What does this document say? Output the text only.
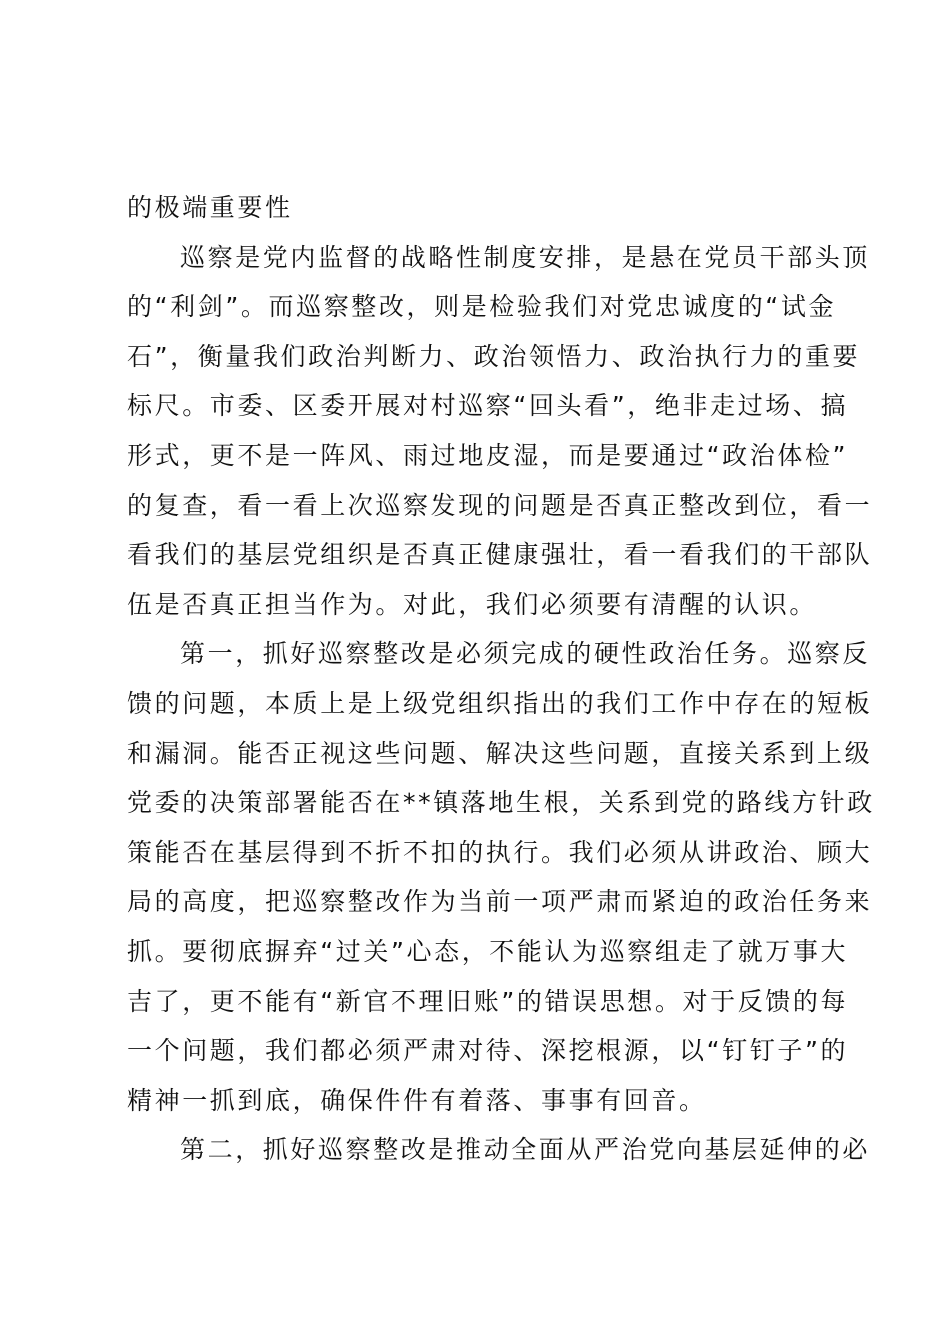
的极端重要性
巡察是党内监督的战略性制度安排，是悬在党员干部头顶
的“利剑”。而巡察整改，则是检验我们对党忠诚度的“试金
石”，衡量我们政治判断力、政治领悟力、政治执行力的重要
标尺。市委、区委开展对村巡察“回头看”，绝非走过场、搞
形式，更不是一阵风、雨过地皮湿，而是要通过“政治体检”
的复查，看一看上次巡察发现的问题是否真正整改到位，看一
看我们的基层党组织是否真正健康强壮，看一看我们的干部队
伍是否真正担当作为。对此，我们必须要有清醒的认识。
第一，抓好巡察整改是必须完成的硬性政治任务。巡察反
馈的问题，本质上是上级党组织指出的我们工作中存在的短板
和漏洞。能否正视这些问题、解决这些问题，直接关系到上级
党委的决策部署能否在**镇落地生根，关系到党的路线方针政
策能否在基层得到不折不扣的执行。我们必须从讲政治、顾大
局的高度，把巡察整改作为当前一项严肃而紧迫的政治任务来
抓。要彻底摒弃“过关”心态，不能认为巡察组走了就万事大
吉了，更不能有“新官不理旧账”的错误思想。对于反馈的每
一个问题，我们都必须严肃对待、深挖根源，以“钉钉子”的
精神一抓到底，确保件件有着落、事事有回音。
第二，抓好巡察整改是推动全面从严治党向基层延伸的必
